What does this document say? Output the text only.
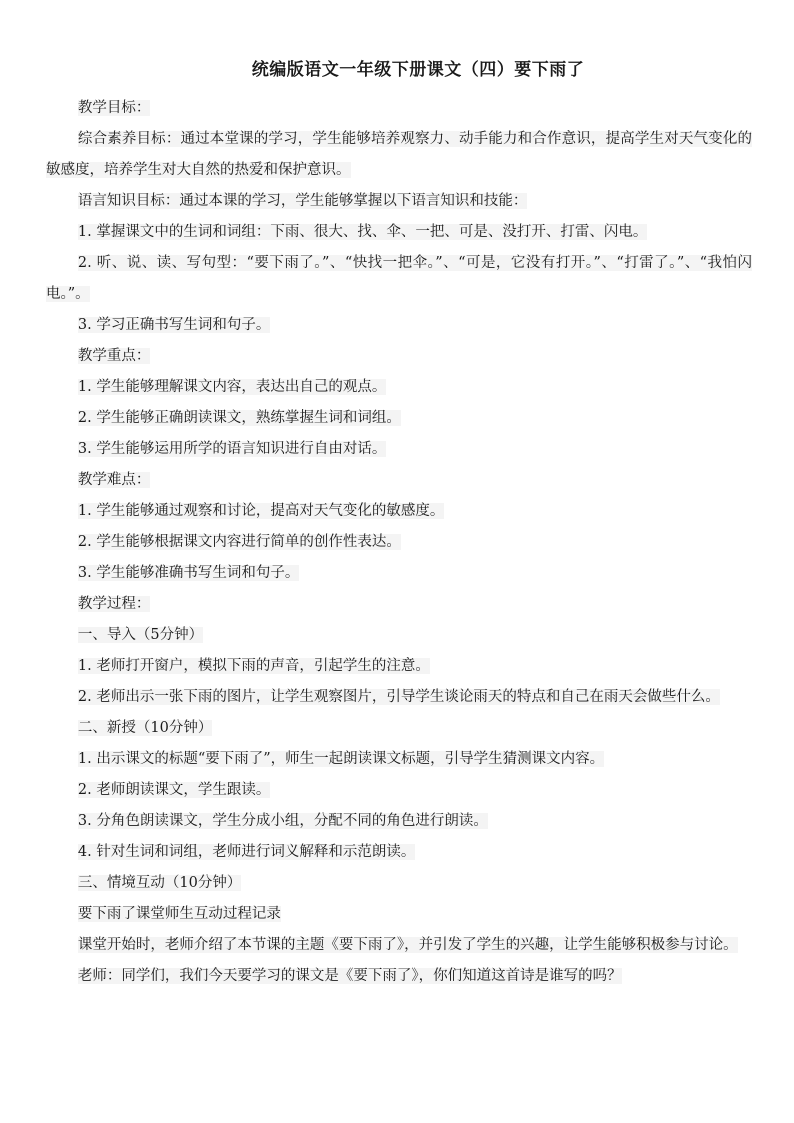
统编版语文一年级下册课文（四）要下雨了

教学目标：

综合素养目标：通过本堂课的学习，学生能够培养观察力、动手能力和合作意识，提高学生对天气变化的敏感度，培养学生对大自然的热爱和保护意识。

语言知识目标：通过本课的学习，学生能够掌握以下语言知识和技能：

1. 掌握课文中的生词和词组：下雨、很大、找、伞、一把、可是、没打开、打雷、闪电。

2. 听、说、读、写句型：“要下雨了。”、“快找一把伞。”、“可是，它没有打开。”、“打雷了。”、“我怕闪电。”。

3. 学习正确书写生词和句子。

教学重点：

1. 学生能够理解课文内容，表达出自己的观点。

2. 学生能够正确朗读课文，熟练掌握生词和词组。

3. 学生能够运用所学的语言知识进行自由对话。

教学难点：

1. 学生能够通过观察和讨论，提高对天气变化的敏感度。

2. 学生能够根据课文内容进行简单的创作性表达。

3. 学生能够准确书写生词和句子。

教学过程：

一、导入（5分钟）

1. 老师打开窗户，模拟下雨的声音，引起学生的注意。

2. 老师出示一张下雨的图片，让学生观察图片，引导学生谈论雨天的特点和自己在雨天会做些什么。

二、新授（10分钟）

1. 出示课文的标题“要下雨了”，师生一起朗读课文标题，引导学生猜测课文内容。

2. 老师朗读课文，学生跟读。

3. 分角色朗读课文，学生分成小组，分配不同的角色进行朗读。

4. 针对生词和词组，老师进行词义解释和示范朗读。

三、情境互动（10分钟）

要下雨了课堂师生互动过程记录

课堂开始时，老师介绍了本节课的主题《要下雨了》，并引发了学生的兴趣，让学生能够积极参与讨论。

老师：同学们，我们今天要学习的课文是《要下雨了》，你们知道这首诗是谁写的吗？
